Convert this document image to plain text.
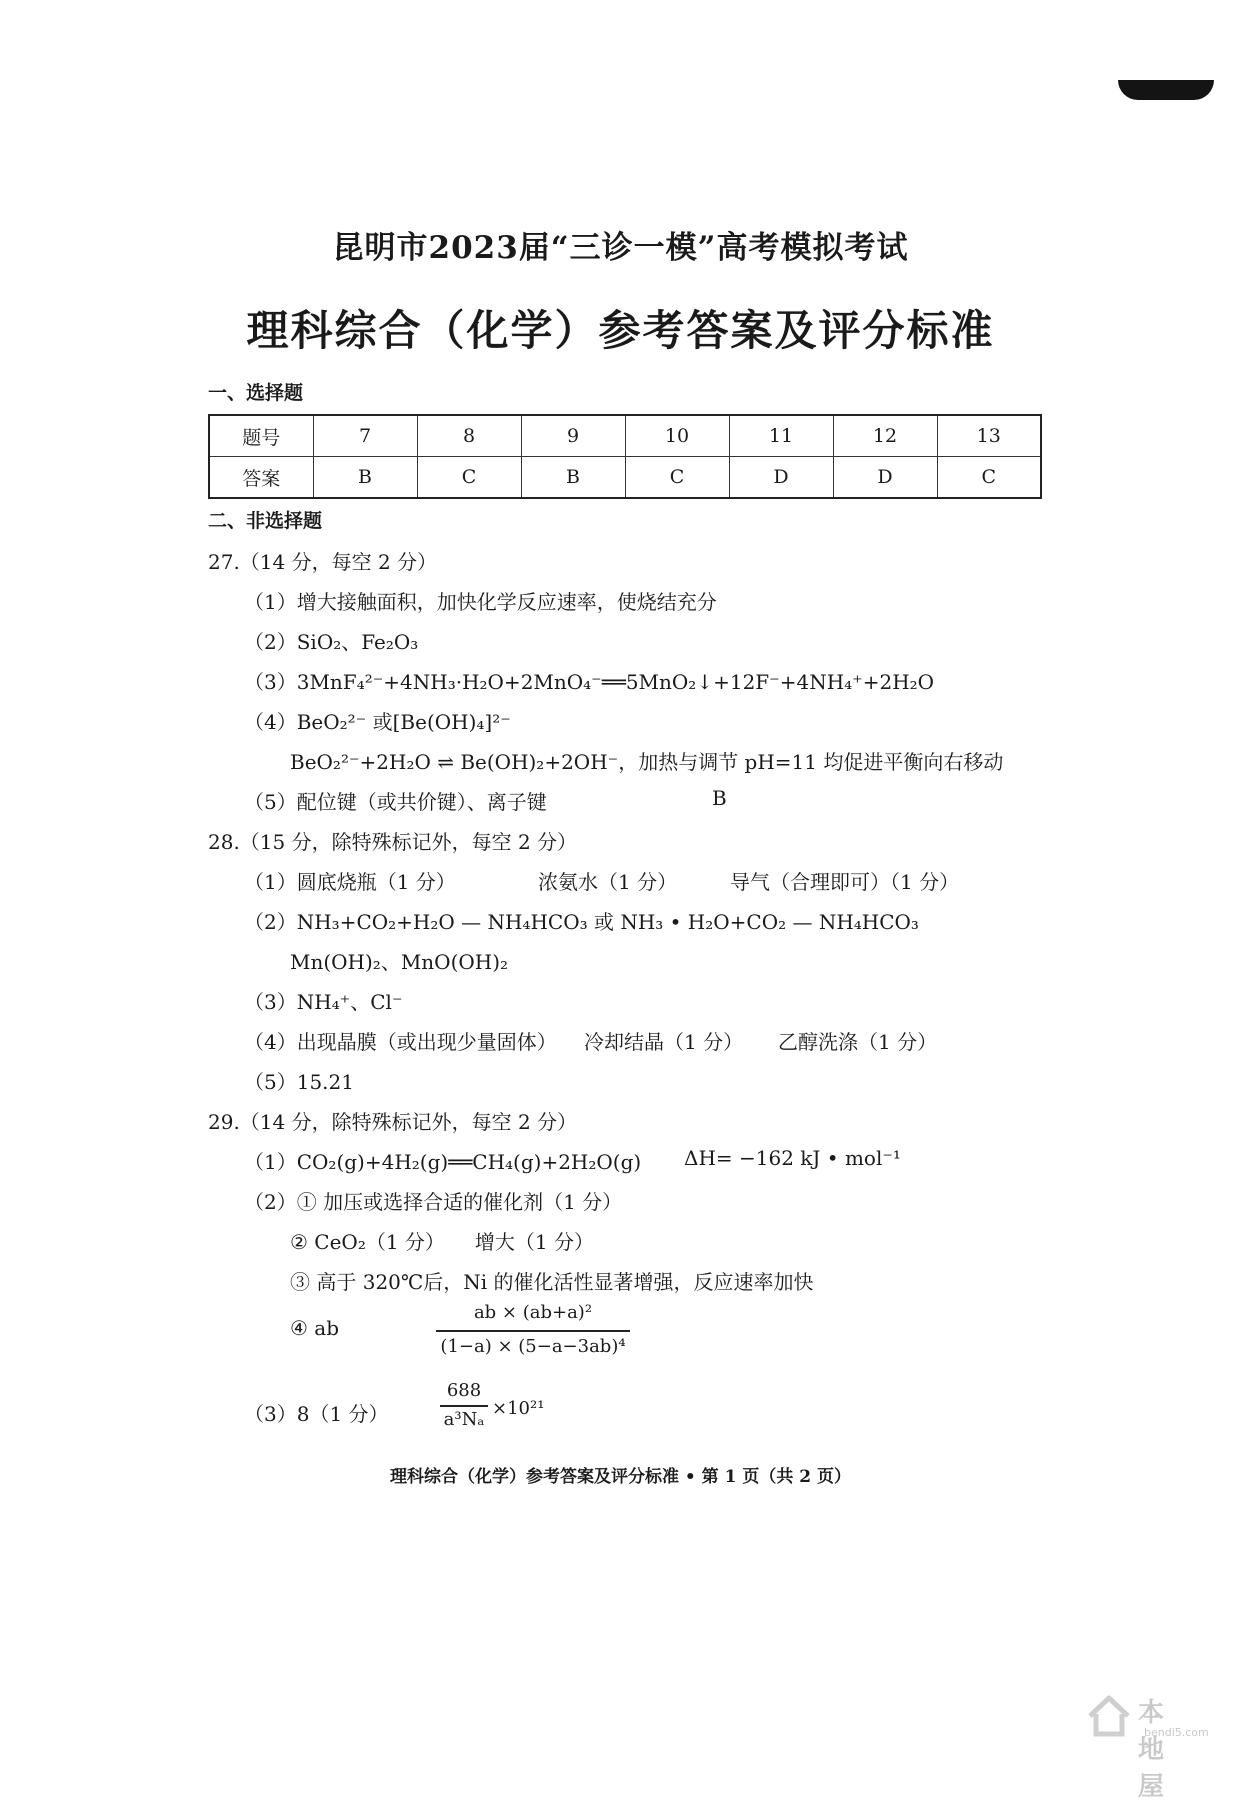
昆明市2023届“三诊一模”高考模拟考试
理科综合（化学）参考答案及评分标准
一、选择题
题号	7	8	9	10	11	12	13
答案	B	C	B	C	D	D	C
二、非选择题
27.（14 分，每空 2 分）
（1）增大接触面积，加快化学反应速率，使烧结充分
（2）SiO₂、Fe₂O₃
（3）3MnF₄²⁻+4NH₃·H₂O+2MnO₄⁻══5MnO₂↓+12F⁻+4NH₄⁺+2H₂O
（4）BeO₂²⁻ 或[Be(OH)₄]²⁻
BeO₂²⁻+2H₂O ⇌ Be(OH)₂+2OH⁻，加热与调节 pH=11 均促进平衡向右移动
（5）配位键（或共价键）、离子键	B
28.（15 分，除特殊标记外，每空 2 分）
（1）圆底烧瓶（1 分）	浓氨水（1 分）	导气（合理即可）（1 分）
（2）NH₃+CO₂+H₂O — NH₄HCO₃ 或 NH₃ • H₂O+CO₂ — NH₄HCO₃
Mn(OH)₂、MnO(OH)₂
（3）NH₄⁺、Cl⁻
（4）出现晶膜（或出现少量固体） 冷却结晶（1 分） 乙醇洗涤（1 分）
（5）15.21
29.（14 分，除特殊标记外，每空 2 分）
（1）CO₂(g)+4H₂(g)══CH₄(g)+2H₂O(g) ΔH= −162 kJ • mol⁻¹
（2）① 加压或选择合适的催化剂（1 分）
② CeO₂（1 分）　　增大（1 分）
③ 高于 320℃后，Ni 的催化活性显著增强，反应速率加快
④ ab
ab × (ab+a)²
(1−a) × (5−a−3ab)⁴
（3）8（1 分）
688
a³Nₐ
×10²¹
理科综合（化学）参考答案及评分标准 • 第 1 页（共 2 页）
本地屋
bendi5.com
